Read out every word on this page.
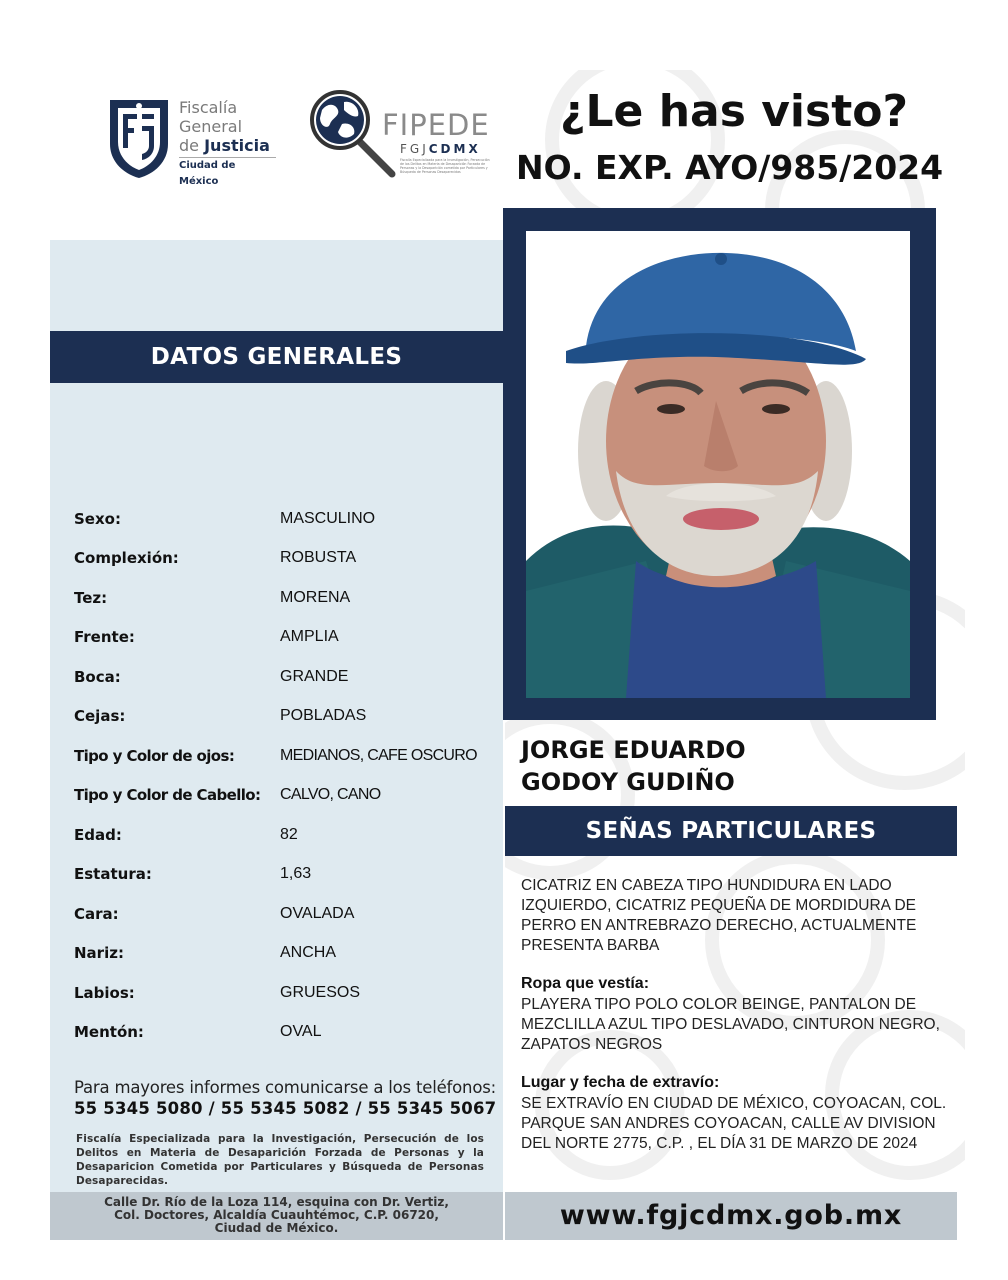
Fiscalía
General
de Justicia
Ciudad de México
FIPEDE
FGJCDMX
Fiscalía Especializada para la Investigación, Persecución de los Delitos en Materia de Desaparición Forzada de Personas y la Desaparición cometida por Particulares y Búsqueda de Personas Desaparecidas
¿Le has visto?
NO. EXP. AYO/985/2024
DATOS GENERALES
Sexo:	MASCULINO
Complexión:	ROBUSTA
Tez:	MORENA
Frente:	AMPLIA
Boca:	GRANDE
Cejas:	POBLADAS
Tipo y Color de ojos:	MEDIANOS, CAFE OSCURO
Tipo y Color de Cabello: CALVO, CANO
Edad:	82
Estatura:	1,63
Cara:	OVALADA
Nariz:	ANCHA
Labios:	GRUESOS
Mentón:	OVAL
Para mayores informes comunicarse a los teléfonos:
55 5345 5080 / 55 5345 5082 / 55 5345 5067
Fiscalía Especializada para la Investigación, Persecución de los Delitos en Materia de Desaparición Forzada de Personas y la Desaparicion Cometida por Particulares y Búsqueda de Personas Desaparecidas.
Calle Dr. Río de la Loza 114, esquina con Dr. Vertiz,
Col. Doctores, Alcaldía Cuauhtémoc, C.P. 06720,
Ciudad de México.
JORGE EDUARDO
GODOY GUDIÑO
SEÑAS PARTICULARES
CICATRIZ EN CABEZA TIPO HUNDIDURA EN LADO IZQUIERDO, CICATRIZ PEQUEÑA DE MORDIDURA DE PERRO EN ANTREBRAZO DERECHO, ACTUALMENTE PRESENTA BARBA
Ropa que vestía:
PLAYERA TIPO POLO COLOR BEINGE, PANTALON DE MEZCLILLA AZUL TIPO DESLAVADO, CINTURON NEGRO, ZAPATOS NEGROS
Lugar y fecha de extravío:
SE EXTRAVÍO EN CIUDAD DE MÉXICO, COYOACAN, COL. PARQUE SAN ANDRES COYOACAN, CALLE AV DIVISION DEL NORTE 2775, C.P. , EL DÍA 31 DE MARZO DE 2024
www.fgjcdmx.gob.mx
